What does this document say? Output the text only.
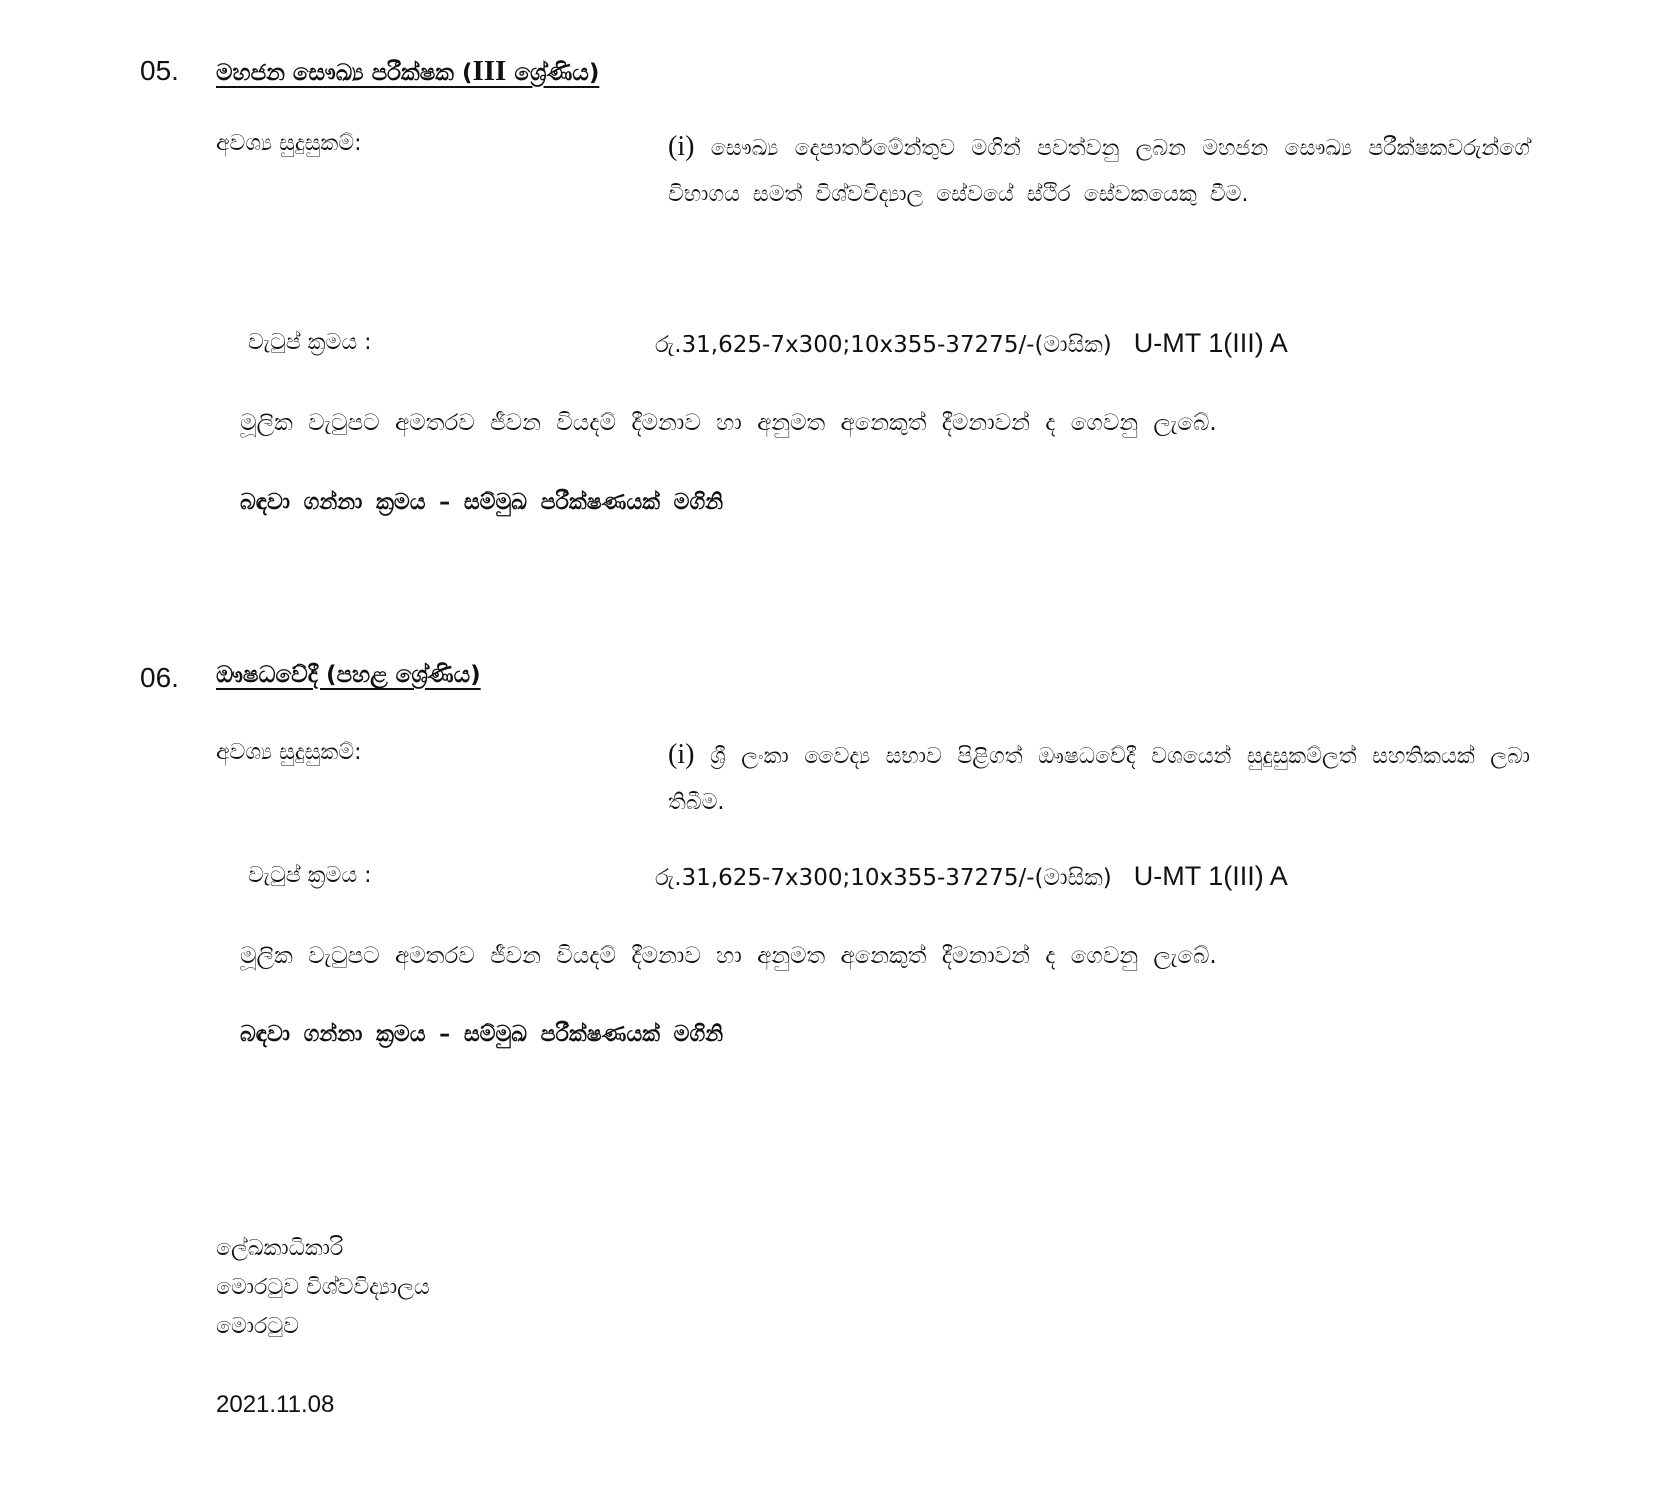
05. මහජන සෞඛ්‍ය පරීක්ෂක (III ශ්‍රේණිය)
අවශ්‍ය සුදුසුකම්:	(i) සෞඛ්‍ය දෙපාර්තමේන්තුව මගින් පවත්වනු ලබන මහජන සෞඛ්‍ය පරීක්ෂකවරුන්ගේ විභාගය සමත් විශ්වවිද්‍යාල සේවයේ ස්ථිර සේවකයෙකු වීම.
වැටුප් ක්‍රමය :	රු.31,625-7x300;10x355-37275/-(මාසික) U-MT 1(III) A
මූලික වැටුපට අමතරව ජීවන වියදම් දීමනාව හා අනුමත අනෙකුත් දීමනාවන් ද ගෙවනු ලැබේ.
බඳවා ගන්නා ක්‍රමය – සම්මුඛ පරීක්ෂණයක් මගිනි
06. ඖෂධවේදී (පහළ ශ්‍රේණිය)
අවශ්‍ය සුදුසුකම්:	(i) ශ්‍රී ලංකා වෛද්‍ය සභාව පිළිගත් ඖෂධවේදී වශයෙන් සුදුසුකම්ලත් සහතිකයක් ලබා තිබීම.
වැටුප් ක්‍රමය :	රු.31,625-7x300;10x355-37275/-(මාසික) U-MT 1(III) A
මූලික වැටුපට අමතරව ජීවන වියදම් දීමනාව හා අනුමත අනෙකුත් දීමනාවන් ද ගෙවනු ලැබේ.
බඳවා ගන්නා ක්‍රමය – සම්මුඛ පරීක්ෂණයක් මගිනි
ලේඛකාධිකාරි
මොරටුව විශ්වවිද්‍යාලය
මොරටුව
2021.11.08
